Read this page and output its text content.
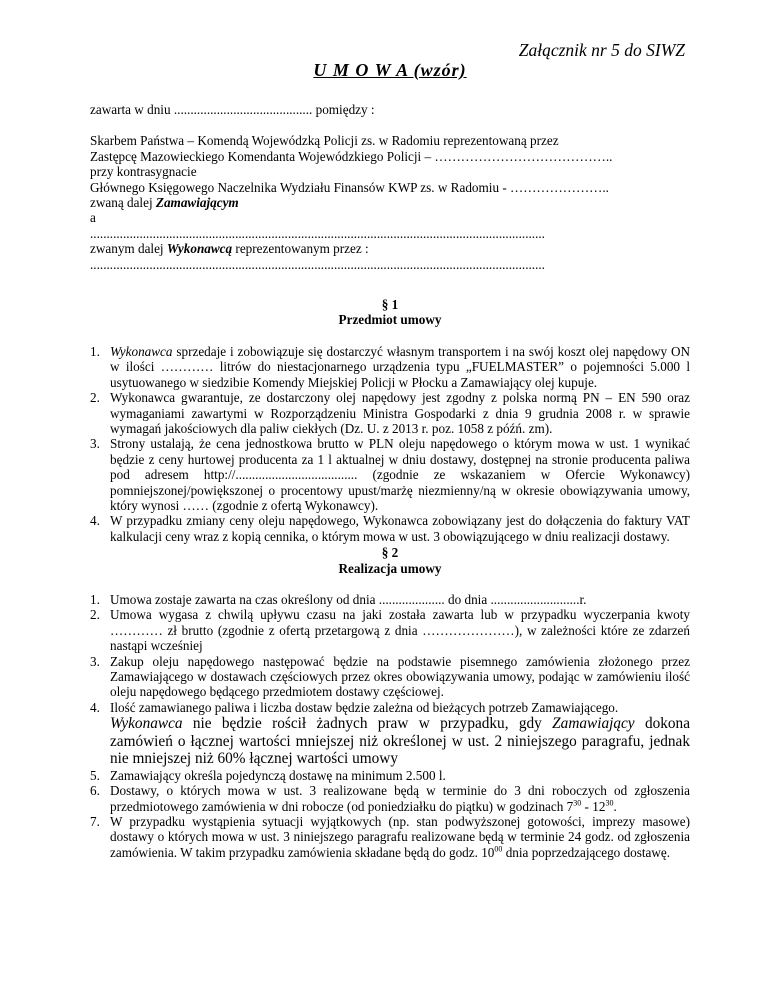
Załącznik nr 5 do SIWZ

U M O W A (wzór)

zawarta w dniu .......................................... pomiędzy :

Skarbem Państwa – Komendą Wojewódzką Policji zs. w Radomiu reprezentowaną przez

Zastępcę Mazowieckiego Komendanta Wojewódzkiego Policji – …………………………………..

przy kontrasygnacie

Głównego Księgowego Naczelnika Wydziału Finansów KWP zs. w Radomiu - …………………..

zwaną dalej Zamawiającym

a

..........................................................................................................................................

zwanym dalej Wykonawcą reprezentowanym przez :

..........................................................................................................................................

§ 1

Przedmiot umowy

1. Wykonawca sprzedaje i zobowiązuje się dostarczyć własnym transportem i na swój koszt olej napędowy ON w ilości ………… litrów do niestacjonarnego urządzenia typu „FUELMASTER” o pojemności 5.000 l usytuowanego w siedzibie Komendy Miejskiej Policji w Płocku a Zamawiający olej kupuje.
2. Wykonawca gwarantuje, ze dostarczony olej napędowy jest zgodny z polska normą PN – EN 590 oraz wymaganiami zawartymi w Rozporządzeniu Ministra Gospodarki z dnia 9 grudnia 2008 r. w sprawie wymagań jakościowych dla paliw ciekłych (Dz. U. z 2013 r. poz. 1058 z późń. zm).
3. Strony ustalają, że cena jednostkowa brutto w PLN oleju napędowego o którym mowa w ust. 1 wynikać będzie z ceny hurtowej producenta za 1 l aktualnej w dniu dostawy, dostępnej na stronie producenta paliwa pod adresem http://..................................... (zgodnie ze wskazaniem w Ofercie Wykonawcy) pomniejszonej/powiększonej o procentowy upust/marżę niezmienny/ną w okresie obowiązywania umowy, który wynosi …… (zgodnie z ofertą Wykonawcy).
4. W przypadku zmiany ceny oleju napędowego, Wykonawca zobowiązany jest do dołączenia do faktury VAT kalkulacji ceny wraz z kopią cennika, o którym mowa w ust. 3 obowiązującego w dniu realizacji dostawy.

§ 2

Realizacja umowy

1. Umowa zostaje zawarta na czas określony od dnia .................... do dnia ...........................r.
2. Umowa wygasa z chwilą upływu czasu na jaki została zawarta lub w przypadku wyczerpania kwoty ………… zł brutto (zgodnie z ofertą przetargową z dnia …………………), w zależności które ze zdarzeń nastąpi wcześniej
3. Zakup oleju napędowego następować będzie na podstawie pisemnego zamówienia złożonego przez Zamawiającego w dostawach częściowych przez okres obowiązywania umowy, podając w zamówieniu ilość oleju napędowego będącego przedmiotem dostawy częściowej.
4. Ilość zamawianego paliwa i liczba dostaw będzie zależna od bieżących potrzeb Zamawiającego.
Wykonawca nie będzie rościł żadnych praw w przypadku, gdy Zamawiający dokona zamówień o łącznej wartości mniejszej niż określonej w ust. 2 niniejszego paragrafu, jednak nie mniejszej niż 60% łącznej wartości umowy
5. Zamawiający określa pojedynczą dostawę na minimum 2.500 l.
6. Dostawy, o których mowa w ust. 3 realizowane będą w terminie do 3 dni roboczych od zgłoszenia przedmiotowego zamówienia w dni robocze (od poniedziałku do piątku) w godzinach $7^{30} - 12^{30}$.
7. W przypadku wystąpienia sytuacji wyjątkowych (np. stan podwyższonej gotowości, imprezy masowe) dostawy o których mowa w ust. 3 niniejszego paragrafu realizowane będą w terminie 24 godz. od zgłoszenia zamówienia. W takim przypadku zamówienia składane będą do godz. $10^{00}$ dnia poprzedzającego dostawę.
